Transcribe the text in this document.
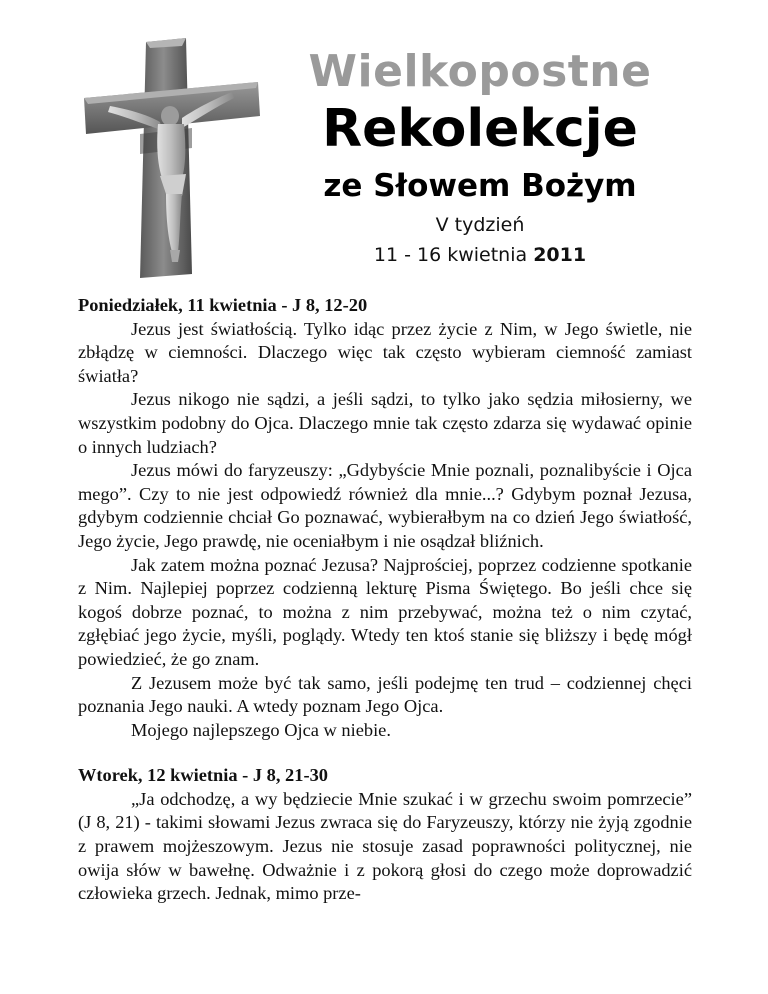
Wielkopostne
Rekolekcje
ze Słowem Bożym
V tydzień
11 - 16 kwietnia 2011

Poniedziałek, 11 kwietnia - J 8, 12-20

Jezus jest światłością. Tylko idąc przez życie z Nim, w Jego świetle, nie zbłądzę w ciemności. Dlaczego więc tak często wybieram ciemność zamiast światła?

Jezus nikogo nie sądzi, a jeśli sądzi, to tylko jako sędzia miłosierny, we wszystkim podobny do Ojca. Dlaczego mnie tak często zdarza się wydawać opinie o innych ludziach?

Jezus mówi do faryzeuszy: „Gdybyście Mnie poznali, poznalibyście i Ojca mego”. Czy to nie jest odpowiedź również dla mnie...? Gdybym poznał Jezusa, gdybym codziennie chciał Go poznawać, wybierałbym na co dzień Jego światłość, Jego życie, Jego prawdę, nie oceniałbym i nie osądzał bliźnich.

Jak zatem można poznać Jezusa? Najprościej, poprzez codzienne spotkanie z Nim. Najlepiej poprzez codzienną lekturę Pisma Świętego. Bo jeśli chce się kogoś dobrze poznać, to można z nim przebywać, można też o nim czytać, zgłębiać jego życie, myśli, poglądy. Wtedy ten ktoś stanie się bliższy i będę mógł powiedzieć, że go znam.

Z Jezusem może być tak samo, jeśli podejmę ten trud – codziennej chęci poznania Jego nauki. A wtedy poznam Jego Ojca.

Mojego najlepszego Ojca w niebie.

Wtorek, 12 kwietnia - J 8, 21-30

„Ja odchodzę, a wy będziecie Mnie szukać i w grzechu swoim pomrzecie” (J 8, 21) - takimi słowami Jezus zwraca się do Faryzeuszy, którzy nie żyją zgodnie z prawem mojżeszowym. Jezus nie stosuje zasad poprawności politycznej, nie owija słów w bawełnę. Odważnie i z pokorą głosi do czego może doprowadzić człowieka grzech. Jednak, mimo prze-
